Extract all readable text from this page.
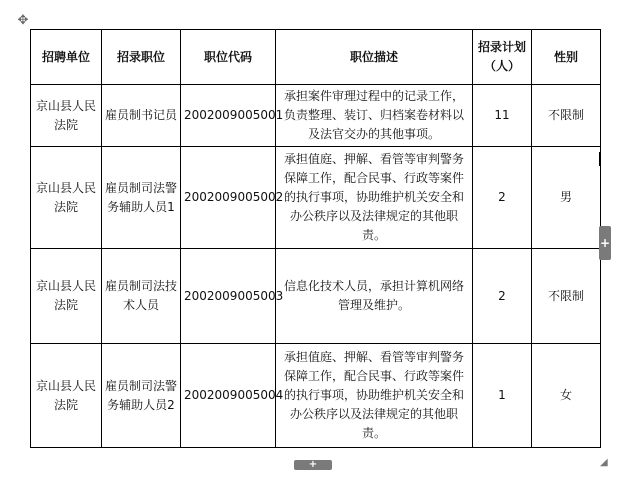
✥
招聘单位	招录职位	职位代码	职位描述	招录计划（人）	性别
京山县人民法院	雇员制书记员	2002009005001	承担案件审理过程中的记录工作，负责整理、装订、归档案卷材料以及法官交办的其他事项。	11	不限制
京山县人民法院	雇员制司法警务辅助人员1	2002009005002	承担值庭、押解、看管等审判警务保障工作，配合民事、行政等案件的执行事项，协助维护机关安全和办公秩序以及法律规定的其他职责。	2	男
京山县人民法院	雇员制司法技术人员	2002009005003	信息化技术人员，承担计算机网络管理及维护。	2	不限制
京山县人民法院	雇员制司法警务辅助人员2	2002009005004	承担值庭、押解、看管等审判警务保障工作，配合民事、行政等案件的执行事项，协助维护机关安全和办公秩序以及法律规定的其他职责。	1	女
+
+	◢
